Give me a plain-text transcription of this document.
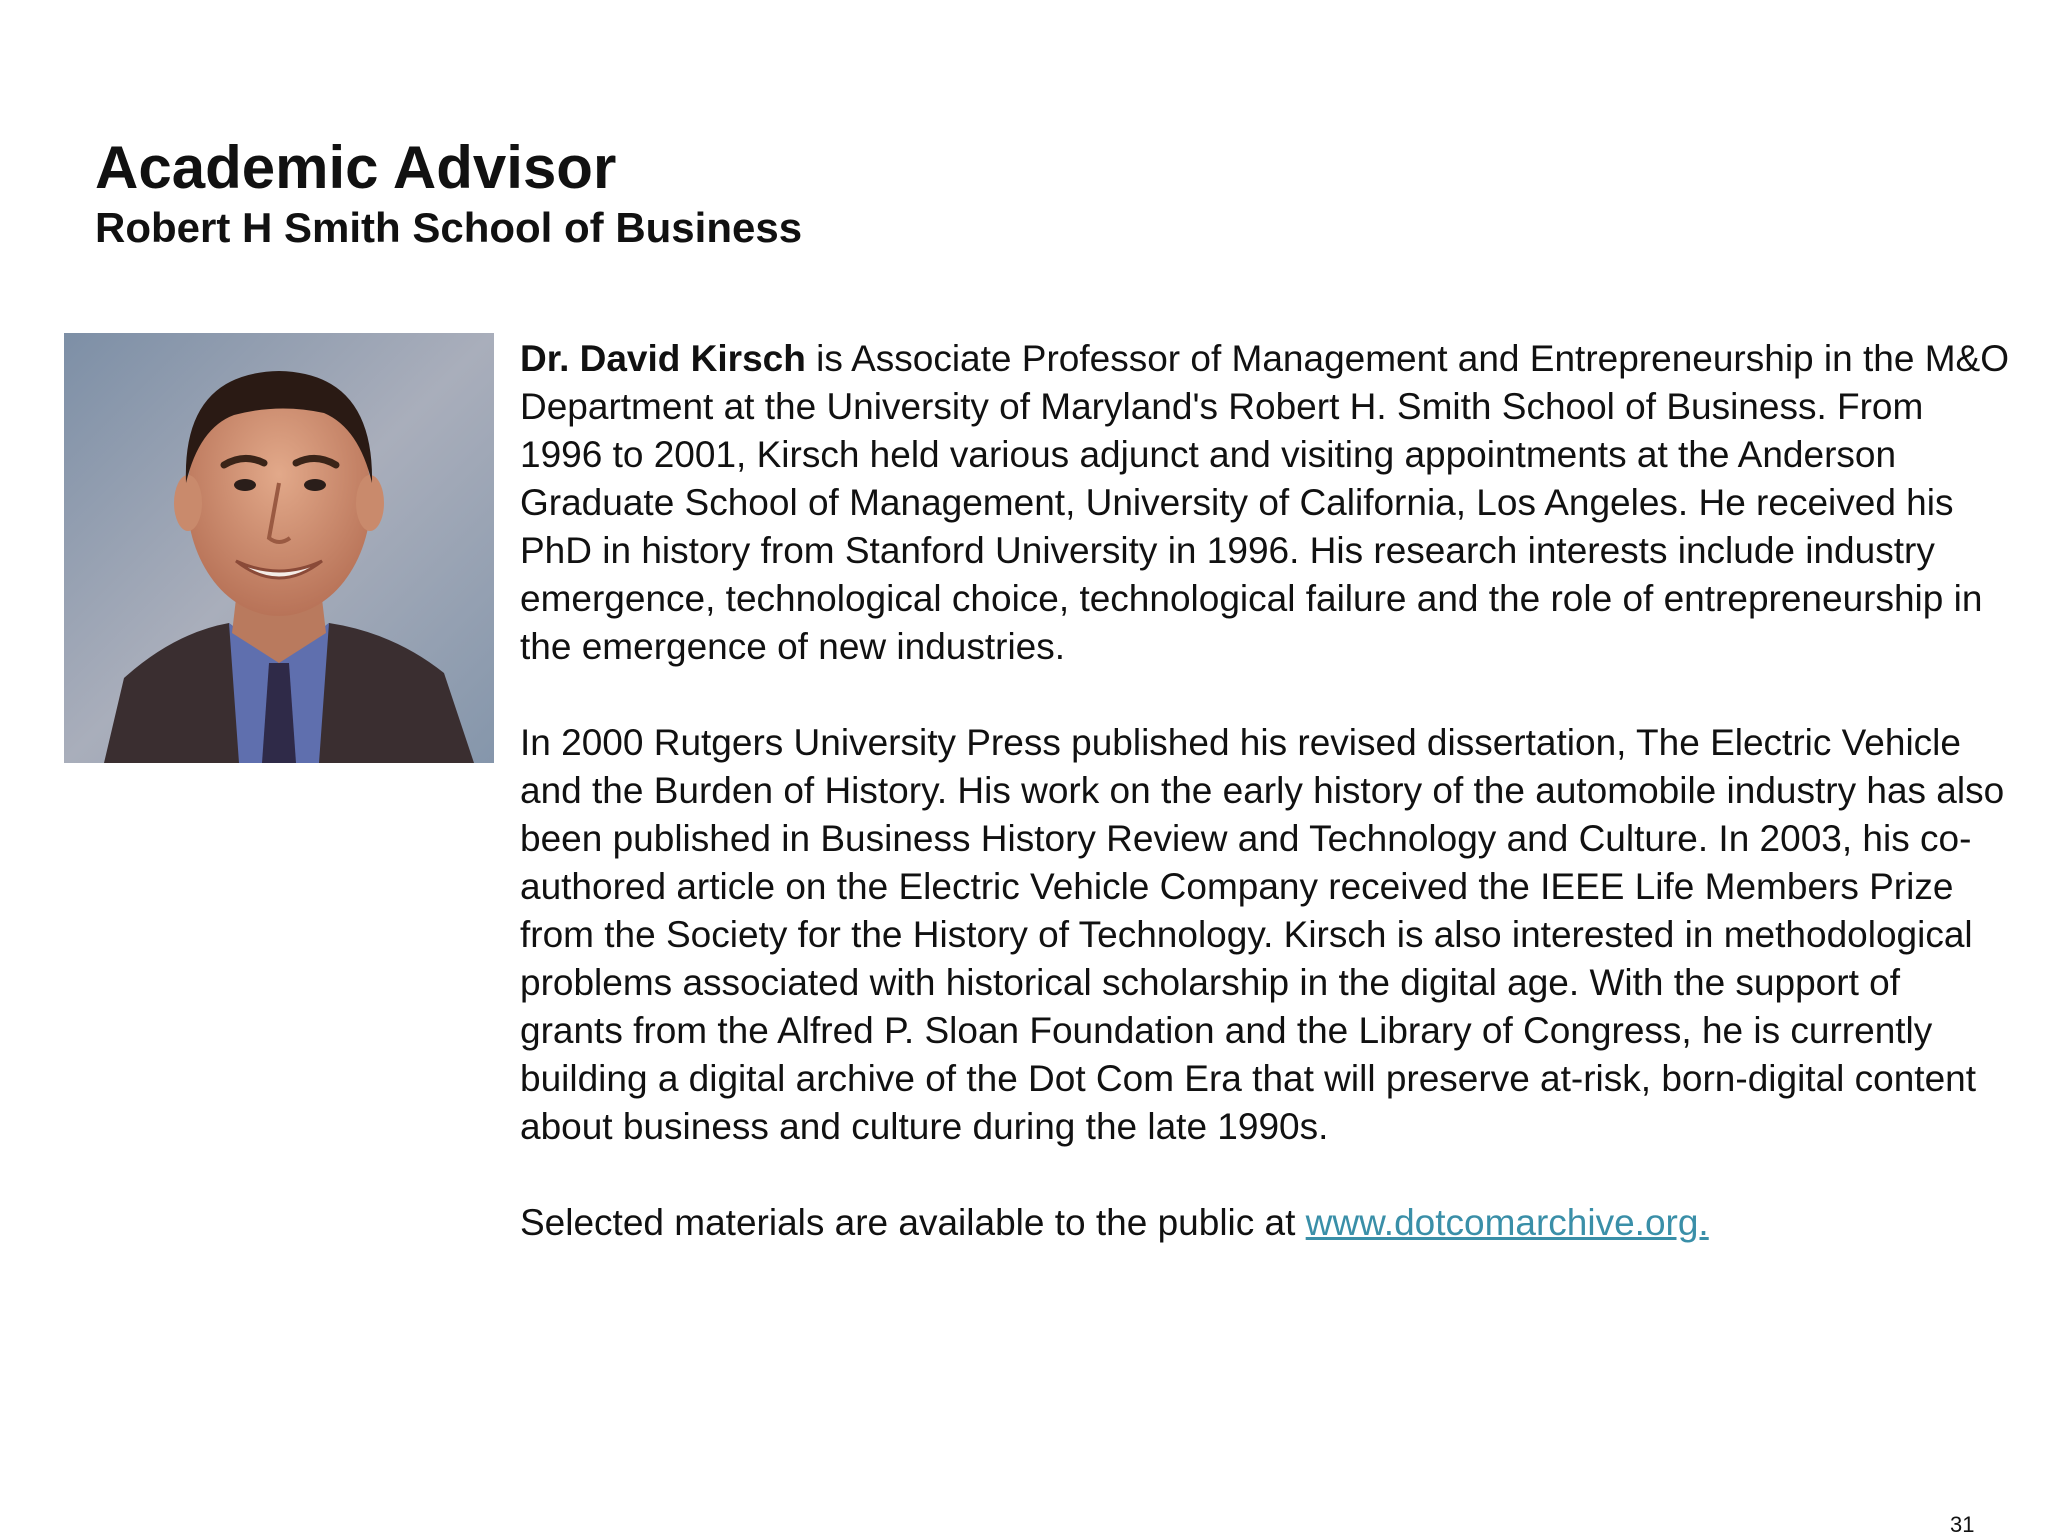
Academic Advisor
Robert H Smith School of Business

Dr. David Kirsch is Associate Professor of Management and Entrepreneurship in the M&O Department at the University of Maryland's Robert H. Smith School of Business. From 1996 to 2001, Kirsch held various adjunct and visiting appointments at the Anderson Graduate School of Management, University of California, Los Angeles. He received his PhD in history from Stanford University in 1996. His research interests include industry emergence, technological choice, technological failure and the role of entrepreneurship in the emergence of new industries.

In 2000 Rutgers University Press published his revised dissertation, The Electric Vehicle and the Burden of History. His work on the early history of the automobile industry has also been published in Business History Review and Technology and Culture. In 2003, his co-authored article on the Electric Vehicle Company received the IEEE Life Members Prize from the Society for the History of Technology. Kirsch is also interested in methodological problems associated with historical scholarship in the digital age. With the support of grants from the Alfred P. Sloan Foundation and the Library of Congress, he is currently building a digital archive of the Dot Com Era that will preserve at-risk, born-digital content about business and culture during the late 1990s.

Selected materials are available to the public at www.dotcomarchive.org.

31
